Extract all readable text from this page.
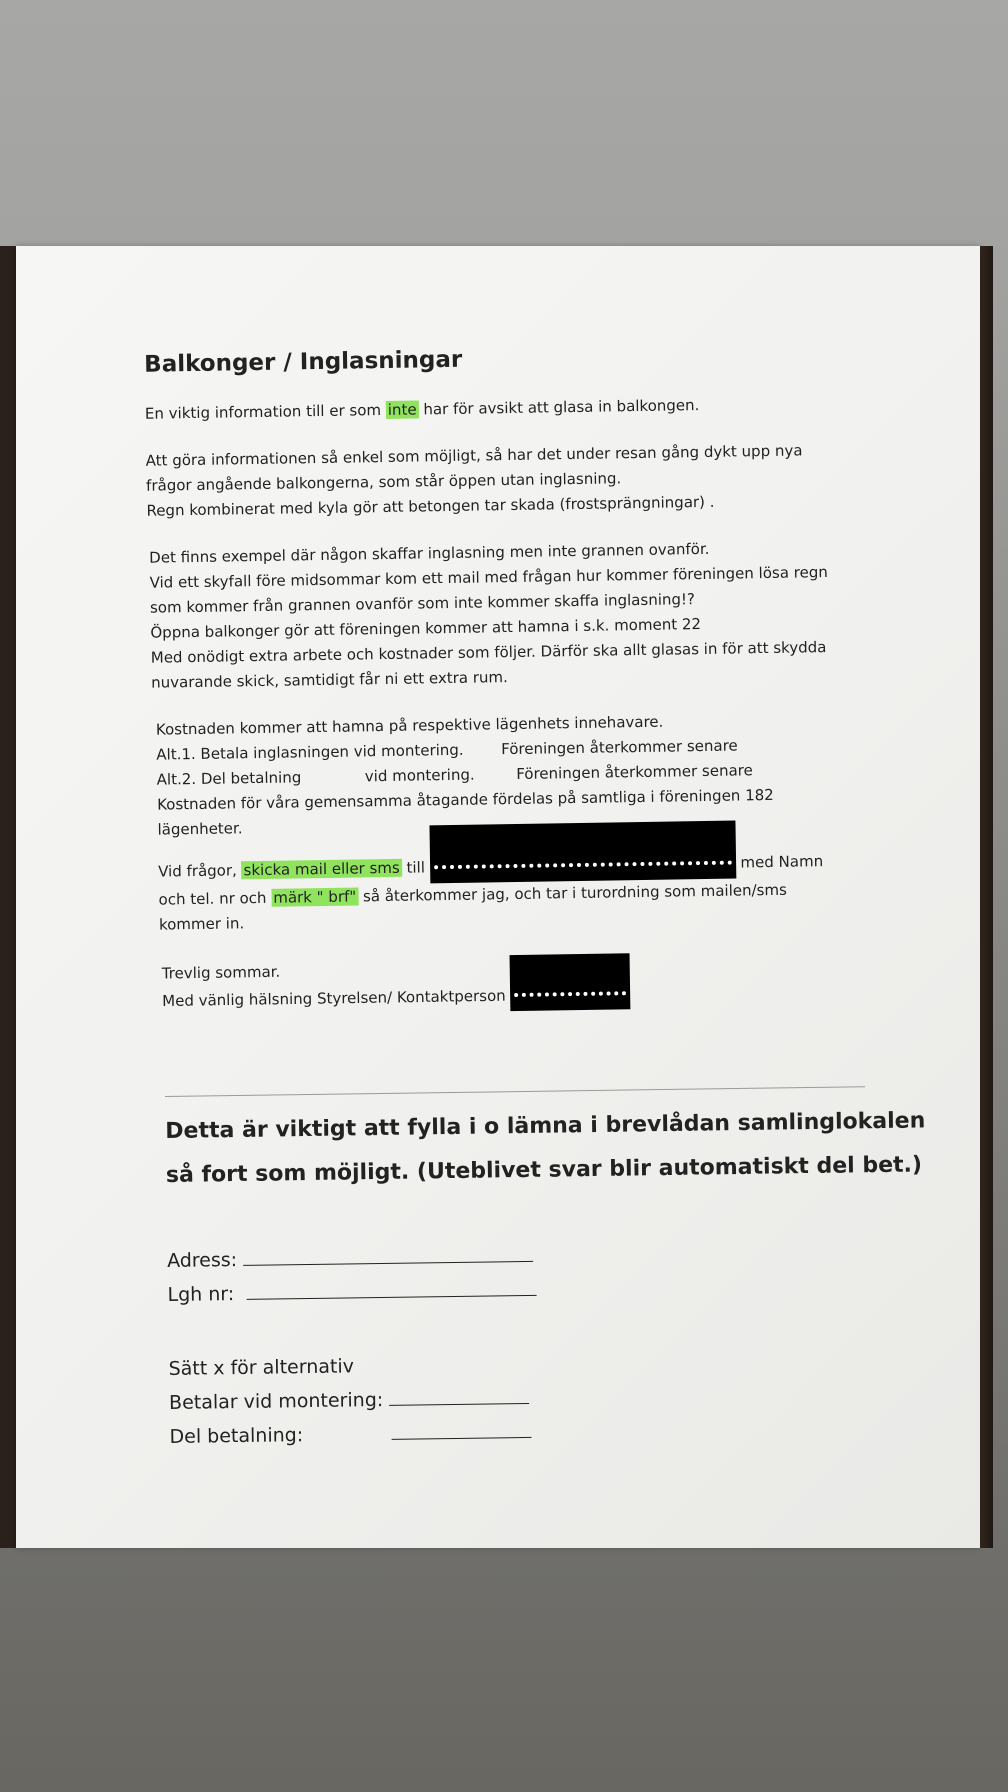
Balkonger / Inglasningar

En viktig information till er som inte har för avsikt att glasa in balkongen.

Att göra informationen så enkel som möjligt, så har det under resan gång dykt upp nya

frågor angående balkongerna, som står öppen utan inglasning.

Regn kombinerat med kyla gör att betongen tar skada (frostsprängningar) .

Det finns exempel där någon skaffar inglasning men inte grannen ovanför.

Vid ett skyfall före midsommar kom ett mail med frågan hur kommer föreningen lösa regn

som kommer från grannen ovanför som inte kommer skaffa inglasning!?

Öppna balkonger gör att föreningen kommer att hamna i s.k. moment 22

Med onödigt extra arbete och kostnader som följer. Därför ska allt glasas in för att skydda

nuvarande skick, samtidigt får ni ett extra rum.

Kostnaden kommer att hamna på respektive lägenhets innehavare.

Alt.1. Betala inglasningen vid montering. Föreningen återkommer senare

Alt.2. Del betalning	vid montering.	Föreningen återkommer senare

Kostnaden för våra gemensamma åtagande fördelas på samtliga i föreningen 182

lägenheter.

Vid frågor, skicka mail eller sms till	med Namn

och tel. nr och märk " brf" så återkommer jag, och tar i turordning som mailen/sms

kommer in.

Trevlig sommar.

Med vänlig hälsning Styrelsen/ Kontaktperson

Detta är viktigt att fylla i o lämna i brevlådan samlinglokalen

så fort som möjligt. (Uteblivet svar blir automatiskt del bet.)

Adress:

Lgh nr:

Sätt x för alternativ

Betalar vid montering:

Del betalning:
